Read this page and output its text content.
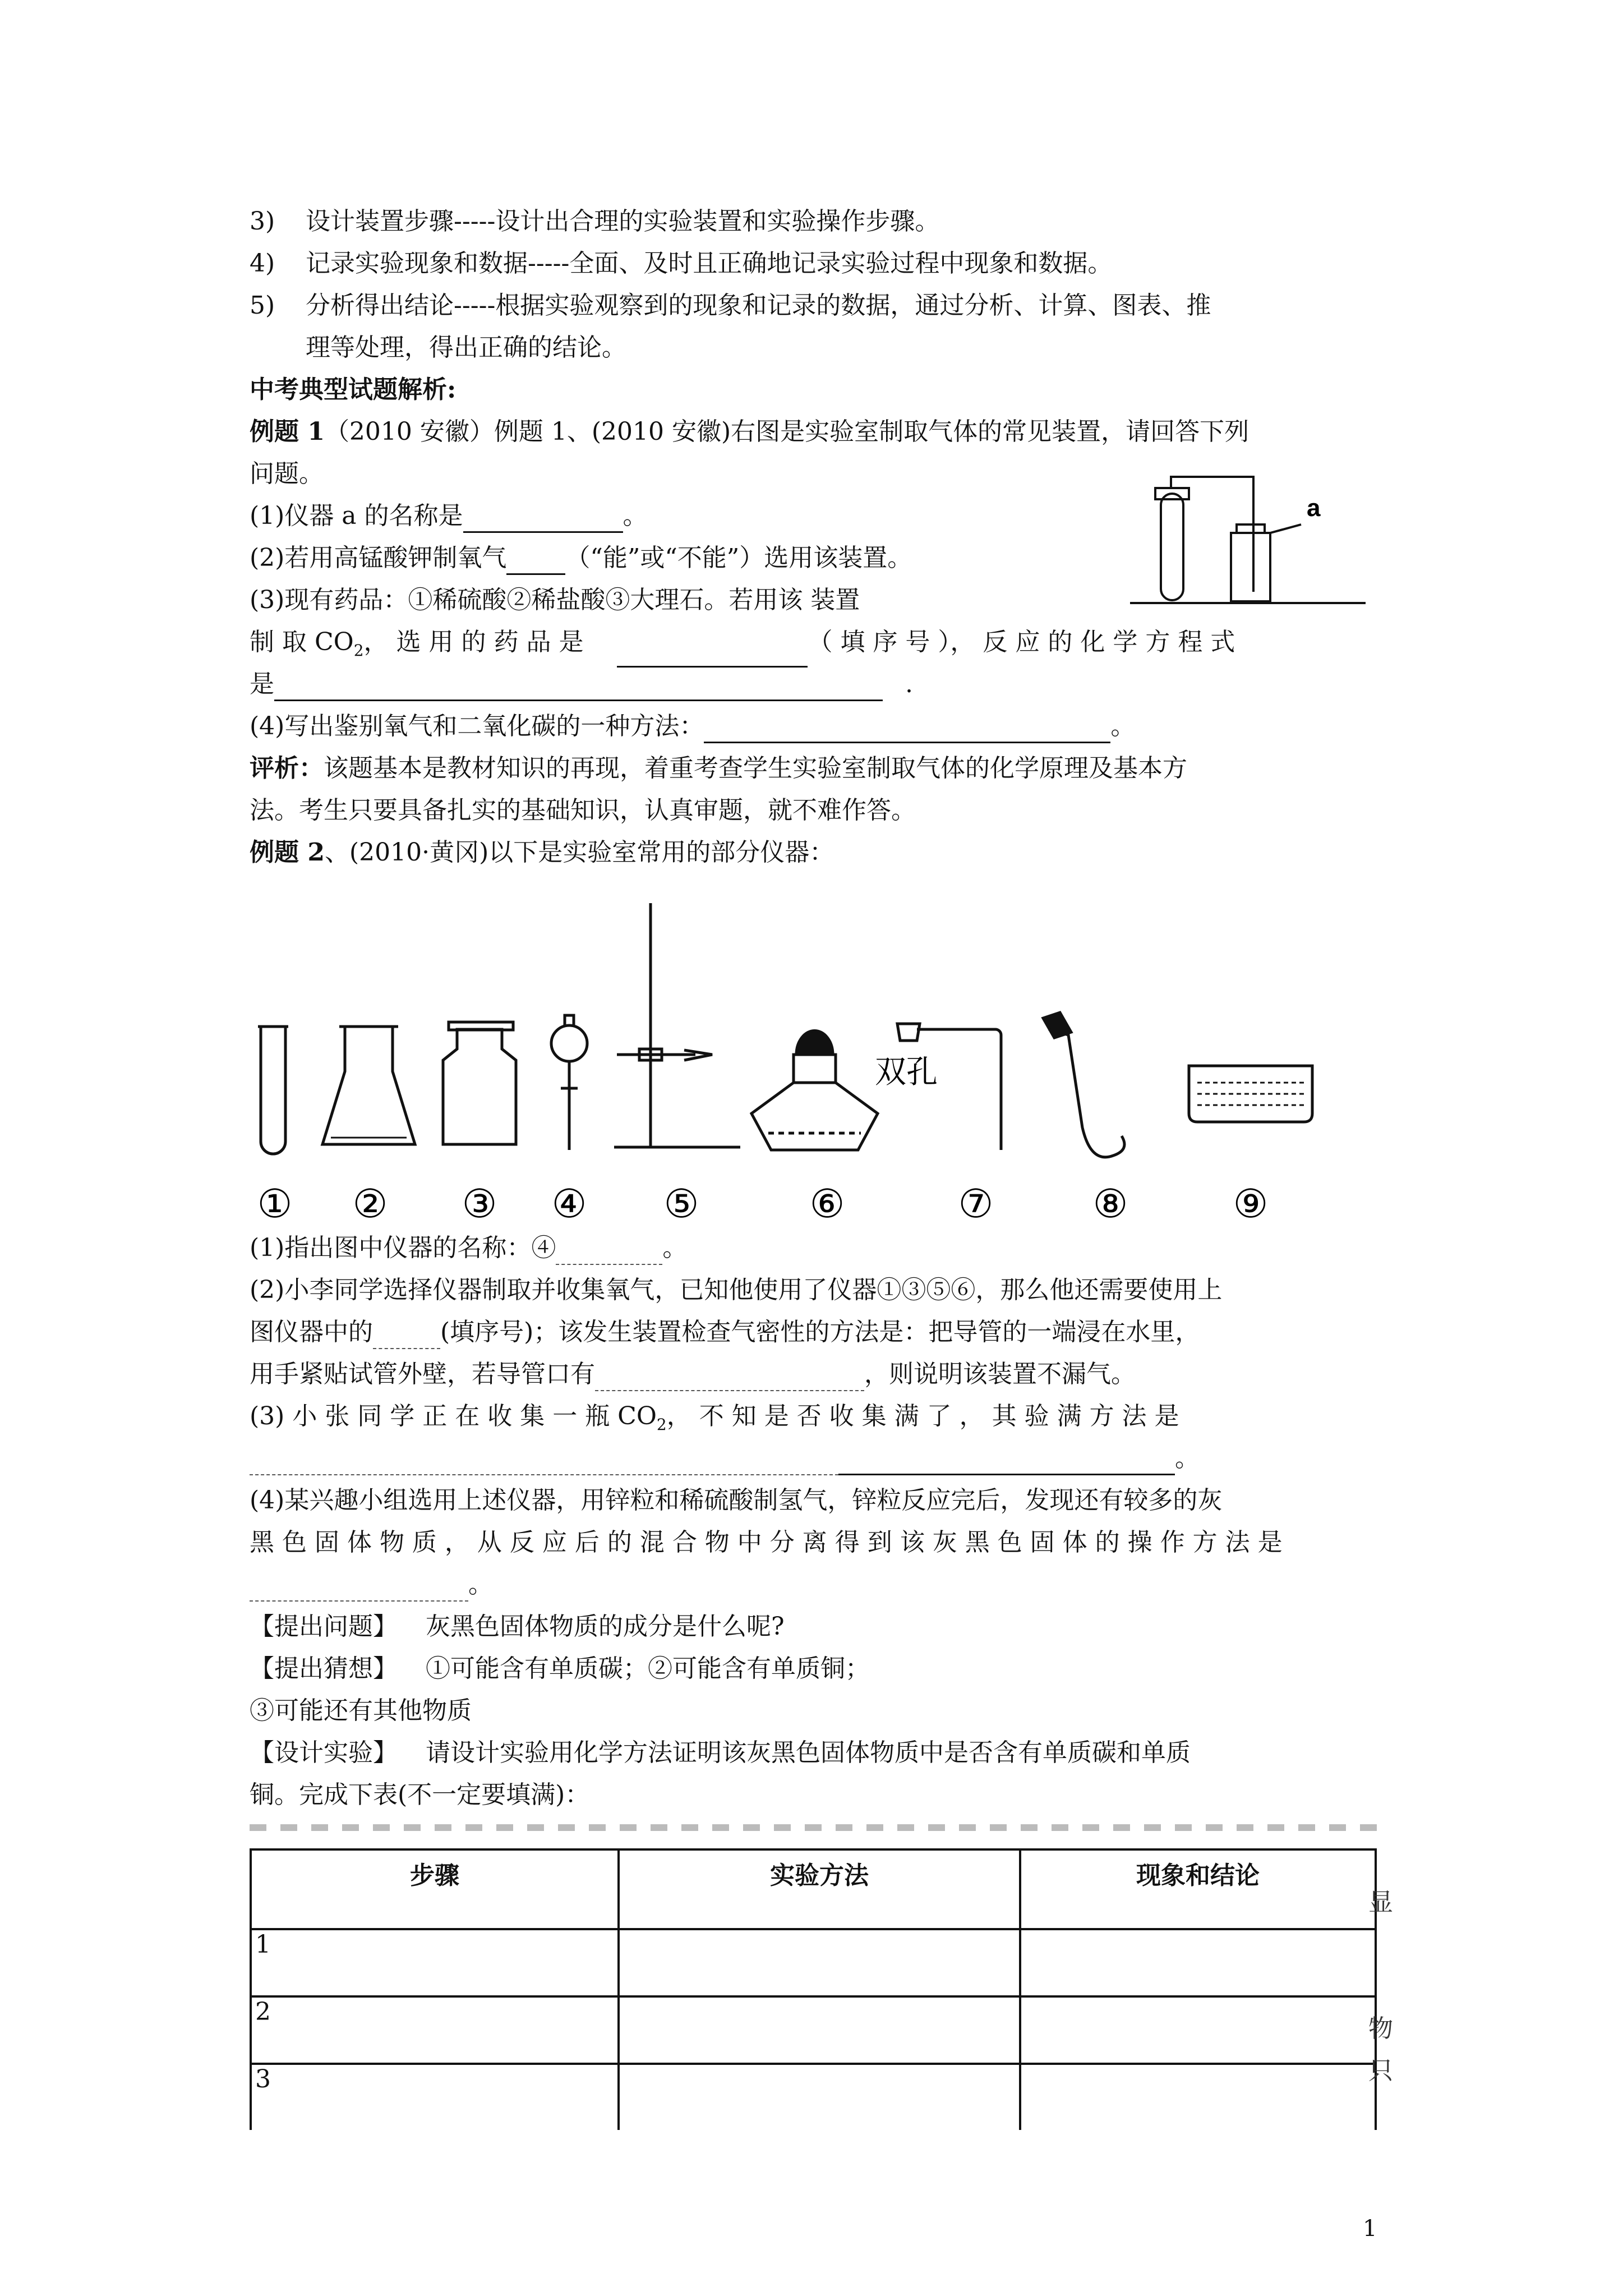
3) 设计装置步骤-----设计出合理的实验装置和实验操作步骤。
4) 记录实验现象和数据-----全面、及时且正确地记录实验过程中现象和数据。
5) 分析得出结论-----根据实验观察到的现象和记录的数据，通过分析、计算、图表、推
理等处理，得出正确的结论。
中考典型试题解析:
例题 1（2010 安徽）例题 1、(2010 安徽)右图是实验室制取气体的常见装置，请回答下列
问题。
(1)仪器 a 的名称是	。
(2)若用高锰酸钾制氧气 （“能”或“不能”）选用该装置。
(3)现有药品：①稀硫酸②稀盐酸③大理石。若用该 装置
制 取 $CO_2$， 选 用 的 药 品 是	（ 填 序 号 ）， 反 应 的 化 学 方 程 式
是	.
(4)写出鉴别氧气和二氧化碳的一种方法：	。
a
评析：该题基本是教材知识的再现，着重考查学生实验室制取气体的化学原理及基本方
法。考生只要具备扎实的基础知识，认真审题，就不难作答。
例题 2、(2010·黄冈)以下是实验室常用的部分仪器：
双孔
① ② ③ ④ ⑤	⑥	⑦	⑧	⑨
(1)指出图中仪器的名称：④	。
(2)小李同学选择仪器制取并收集氧气，已知他使用了仪器①③⑤⑥，那么他还需要使用上
图仪器中的	(填序号)；该发生装置检查气密性的方法是：把导管的一端浸在水里，
用手紧贴试管外壁，若导管口有	，则说明该装置不漏气。
(3) 小 张 同 学 正 在 收 集 一 瓶 $CO_2$， 不 知 是 否 收 集 满 了 ， 其 验 满 方 法 是
。
(4)某兴趣小组选用上述仪器，用锌粒和稀硫酸制氢气，锌粒反应完后，发现还有较多的灰
黑 色 固 体 物 质 ， 从 反 应 后 的 混 合 物 中 分 离 得 到 该 灰 黑 色 固 体 的 操 作 方 法 是
。
【提出问题】 灰黑色固体物质的成分是什么呢?
【提出猜想】 ①可能含有单质碳；②可能含有单质铜；
③可能还有其他物质
【设计实验】 请设计实验用化学方法证明该灰黑色固体物质中是否含有单质碳和单质
铜。完成下表(不一定要填满)：
步骤	实验方法	现象和结论
1		
2		
3		
显
物
只
1
